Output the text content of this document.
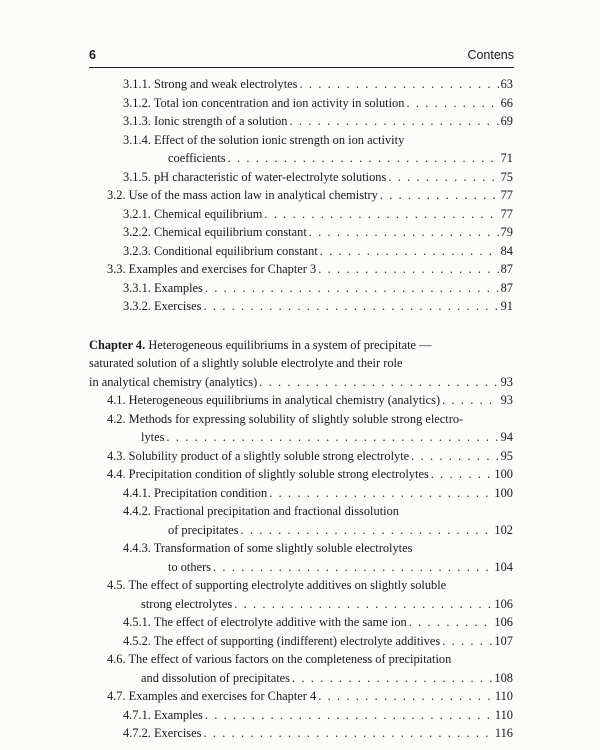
6	Contens
3.1.1. Strong and weak electrolytes . . .	63
3.1.2. Total ion concentration and ion activity in solution . . .	66
3.1.3. Ionic strength of a solution . . .	69
3.1.4. Effect of the solution ionic strength on ion activity
coefficients . . .	71
3.1.5. pH characteristic of water-electrolyte solutions . . .	75
3.2. Use of the mass action law in analytical chemistry . . .	77
3.2.1. Chemical equilibrium . . .	77
3.2.2. Chemical equilibrium constant . . .	79
3.2.3. Conditional equilibrium constant . . .	84
3.3. Examples and exercises for Chapter 3 . . .	87
3.3.1. Examples . . .	87
3.3.2. Exercises . . .	91
Chapter 4. Heterogeneous equilibriums in a system of precipitate —
saturated solution of a slightly soluble electrolyte and their role
in analytical chemistry (analytics) . . .	93
4.1. Heterogeneous equilibriums in analytical chemistry (analytics) . . .	93
4.2. Methods for expressing solubility of slightly soluble strong electro-
lytes . . .	94
4.3. Solubility product of a slightly soluble strong electrolyte . . .	95
4.4. Precipitation condition of slightly soluble strong electrolytes . . .	100
4.4.1. Precipitation condition . . .	100
4.4.2. Fractional precipitation and fractional dissolution
of precipitates . . .	102
4.4.3. Transformation of some slightly soluble electrolytes
to others . . .	104
4.5. The effect of supporting electrolyte additives on slightly soluble
strong electrolytes . . .	106
4.5.1. The effect of electrolyte additive with the same ion . . .	106
4.5.2. The effect of supporting (indifferent) electrolyte additives . . .	107
4.6. The effect of various factors on the completeness of precipitation
and dissolution of precipitates . . .	108
4.7. Examples and exercises for Chapter 4 . . .	110
4.7.1. Examples . . .	110
4.7.2. Exercises . . .	116
